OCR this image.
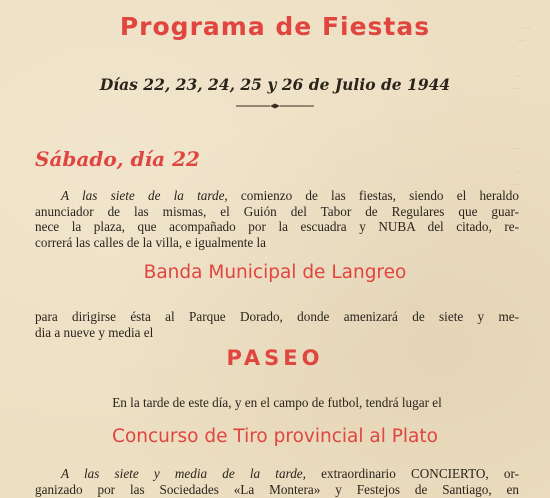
…
…

…
…

…

…
…
Programa de Fiestas
Días 22, 23, 24, 25 y 26 de Julio de 1944
Sábado, día 22
A las siete de la tarde, comienzo de las fiestas, siendo el heraldo
anunciador de las mismas, el Guión del Tabor de Regulares que guar-
nece la plaza, que acompañado por la escuadra y NUBA del citado, re-
correrá las calles de la villa, e igualmente la
Banda Municipal de Langreo
para dirigirse ésta al Parque Dorado, donde amenizará de siete y me-
dia a nueve y media el
PASEO
En la tarde de este día, y en el campo de futbol, tendrá lugar el
Concurso de Tiro provincial al Plato
A las siete y media de la tarde, extraordinario CONCIERTO, or-
ganizado por las Sociedades «La Montera» y Festejos de Santiago, en
